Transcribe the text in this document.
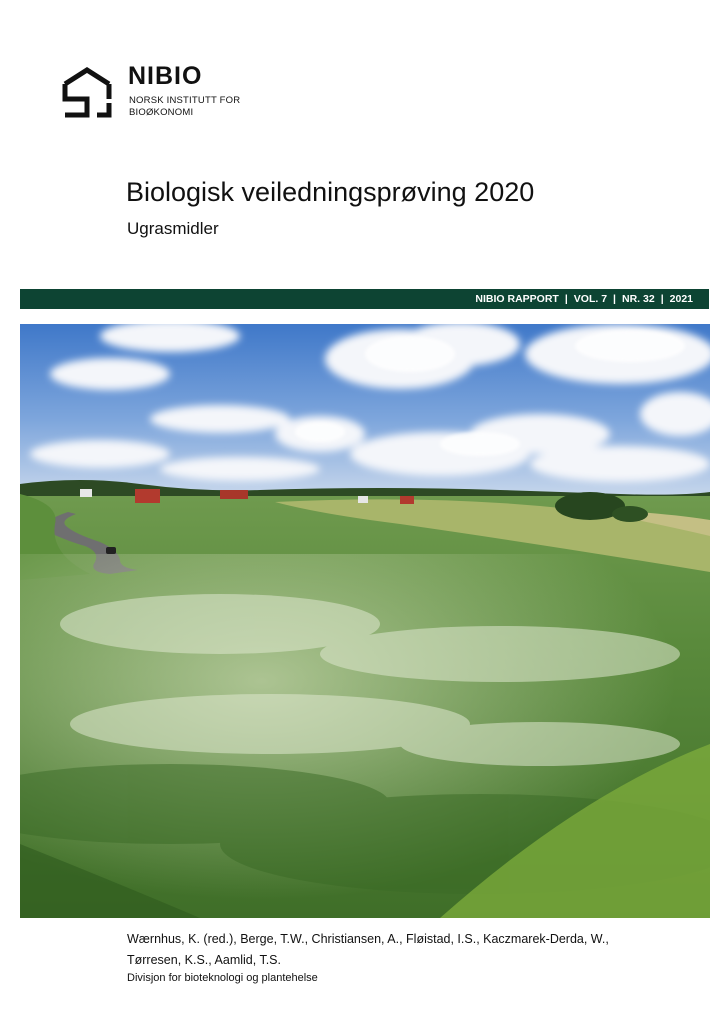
NIBIO
NORSK INSTITUTT FOR
BIOØKONOMI
Biologisk veiledningsprøving 2020
Ugrasmidler
NIBIO RAPPORT | VOL. 7 | NR. 32 | 2021
Wærnhus, K. (red.), Berge, T.W., Christiansen, A., Fløistad, I.S., Kaczmarek-Derda, W.,
Tørresen, K.S., Aamlid, T.S.
Divisjon for bioteknologi og plantehelse
